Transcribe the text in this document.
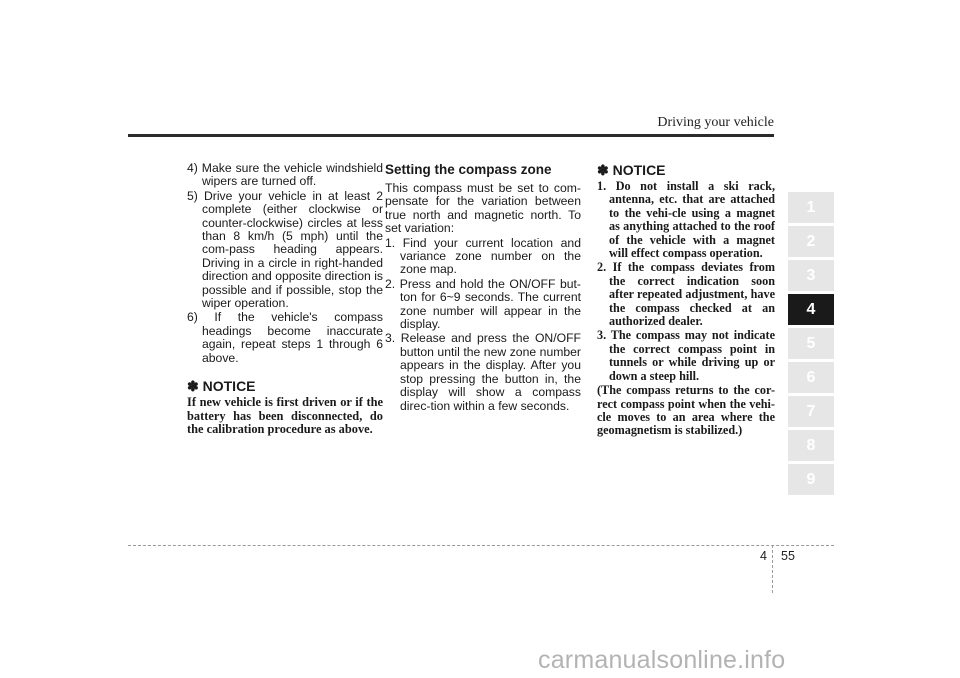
Driving your vehicle

4) Make sure the vehicle windshield wipers are turned off.

5) Drive your vehicle in at least 2 complete (either clockwise or counter-clockwise) circles at less than 8 km/h (5 mph) until the com-pass heading appears. Driving in a circle in right-handed direction and opposite direction is possible and if possible, stop the wiper operation.

6) If the vehicle's compass headings become inaccurate again, repeat steps 1 through 6 above.

✽ NOTICE

If new vehicle is first driven or if the battery has been disconnected, do the calibration procedure as above.

Setting the compass zone

This compass must be set to com-pensate for the variation between true north and magnetic north. To set variation:

1. Find your current location and variance zone number on the zone map.

2. Press and hold the ON/OFF but-ton for 6~9 seconds. The current zone number will appear in the display.

3. Release and press the ON/OFF button until the new zone number appears in the display. After you stop pressing the button in, the display will show a compass direc-tion within a few seconds.

✽ NOTICE

1. Do not install a ski rack, antenna, etc. that are attached to the vehi-cle using a magnet as anything attached to the roof of the vehicle with a magnet will effect compass operation.

2. If the compass deviates from the correct indication soon after repeated adjustment, have the compass checked at an authorized dealer.

3. The compass may not indicate the correct compass point in tunnels or while driving up or down a steep hill.

(The compass returns to the cor-rect compass point when the vehi-cle moves to an area where the geomagnetism is stabilized.)

1
2
3
4
5
6
7
8
9
4 55
carmanualsonline.info
